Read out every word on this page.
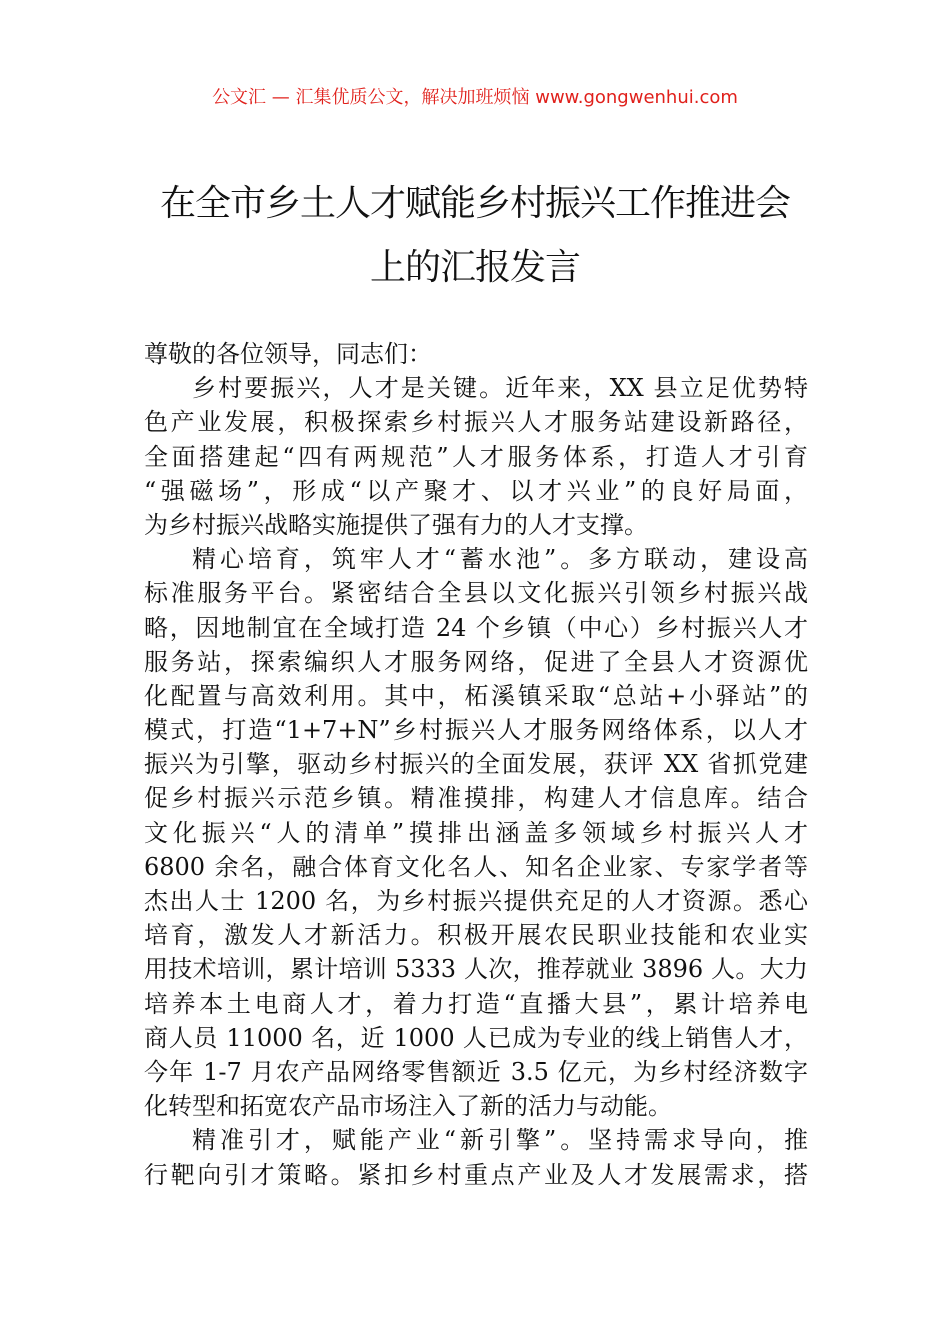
公文汇 — 汇集优质公文，解决加班烦恼 www.gongwenhui.com
在全市乡土人才赋能乡村振兴工作推进会
上的汇报发言
尊敬的各位领导，同志们：
乡村要振兴，人才是关键。近年来，XX 县立足优势特
色产业发展，积极探索乡村振兴人才服务站建设新路径，
全面搭建起“四有两规范”人才服务体系，打造人才引育
“强磁场”，形成“以产聚才、以才兴业”的良好局面，
为乡村振兴战略实施提供了强有力的人才支撑。
精心培育，筑牢人才“蓄水池”。多方联动，建设高
标准服务平台。紧密结合全县以文化振兴引领乡村振兴战
略，因地制宜在全域打造 24 个乡镇（中心）乡村振兴人才
服务站，探索编织人才服务网络，促进了全县人才资源优
化配置与高效利用。其中，柘溪镇采取“总站+小驿站”的
模式，打造“1+7+N”乡村振兴人才服务网络体系，以人才
振兴为引擎，驱动乡村振兴的全面发展，获评 XX 省抓党建
促乡村振兴示范乡镇。精准摸排，构建人才信息库。结合
文化振兴“人的清单”摸排出涵盖多领域乡村振兴人才
6800 余名，融合体育文化名人、知名企业家、专家学者等
杰出人士 1200 名，为乡村振兴提供充足的人才资源。悉心
培育，激发人才新活力。积极开展农民职业技能和农业实
用技术培训，累计培训 5333 人次，推荐就业 3896 人。大力
培养本土电商人才，着力打造“直播大县”，累计培养电
商人员 11000 名，近 1000 人已成为专业的线上销售人才，
今年 1-7 月农产品网络零售额近 3.5 亿元，为乡村经济数字
化转型和拓宽农产品市场注入了新的活力与动能。
精准引才，赋能产业“新引擎”。坚持需求导向，推
行靶向引才策略。紧扣乡村重点产业及人才发展需求，搭
